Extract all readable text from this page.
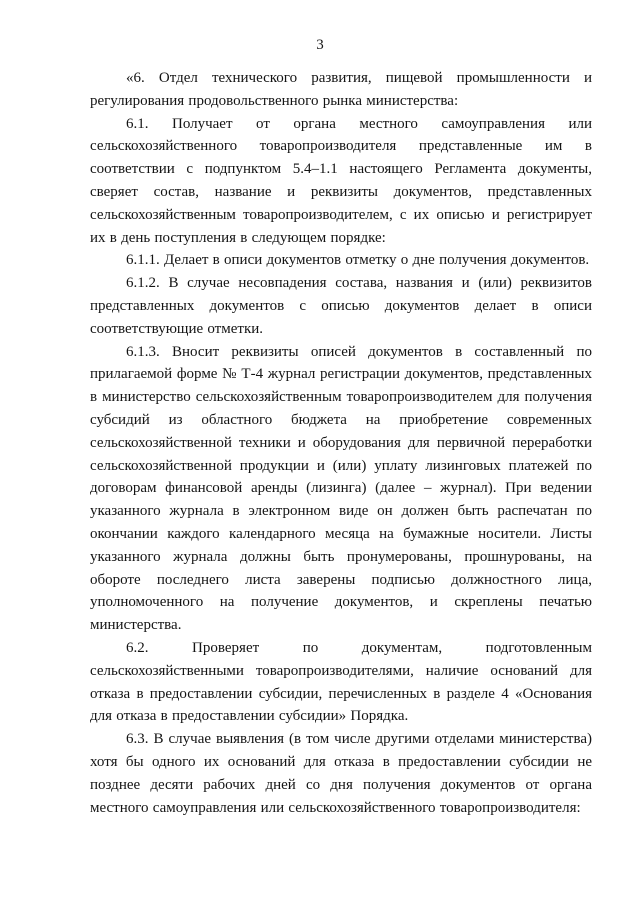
3

«6. Отдел технического развития, пищевой промышленности и регулирования продовольственного рынка министерства:

6.1. Получает от органа местного самоуправления или сельскохозяйственного товаропроизводителя представленные им в соответствии с подпунктом 5.4–1.1 настоящего Регламента документы, сверяет состав, название и реквизиты документов, представленных сельскохозяйственным товаропроизводителем, с их описью и регистрирует их в день поступления в следующем порядке:

6.1.1. Делает в описи документов отметку о дне получения документов.

6.1.2. В случае несовпадения состава, названия и (или) реквизитов представленных документов с описью документов делает в описи соответствующие отметки.

6.1.3. Вносит реквизиты описей документов в составленный по прилагаемой форме № Т-4 журнал регистрации документов, представленных в министерство сельскохозяйственным товаропроизводителем для получения субсидий из областного бюджета на приобретение современных сельскохозяйственной техники и оборудования для первичной переработки сельскохозяйственной продукции и (или) уплату лизинговых платежей по договорам финансовой аренды (лизинга) (далее – журнал). При ведении указанного журнала в электронном виде он должен быть распечатан по окончании каждого календарного месяца на бумажные носители. Листы указанного журнала должны быть пронумерованы, прошнурованы, на обороте последнего листа заверены подписью должностного лица, уполномоченного на получение документов, и скреплены печатью министерства.

6.2. Проверяет по документам, подготовленным сельскохозяйственными товаропроизводителями, наличие оснований для отказа в предоставлении субсидии, перечисленных в разделе 4 «Основания для отказа в предоставлении субсидии» Порядка.

6.3. В случае выявления (в том числе другими отделами министерства) хотя бы одного их оснований для отказа в предоставлении субсидии не позднее десяти рабочих дней со дня получения документов от органа местного самоуправления или сельскохозяйственного товаропроизводителя:
